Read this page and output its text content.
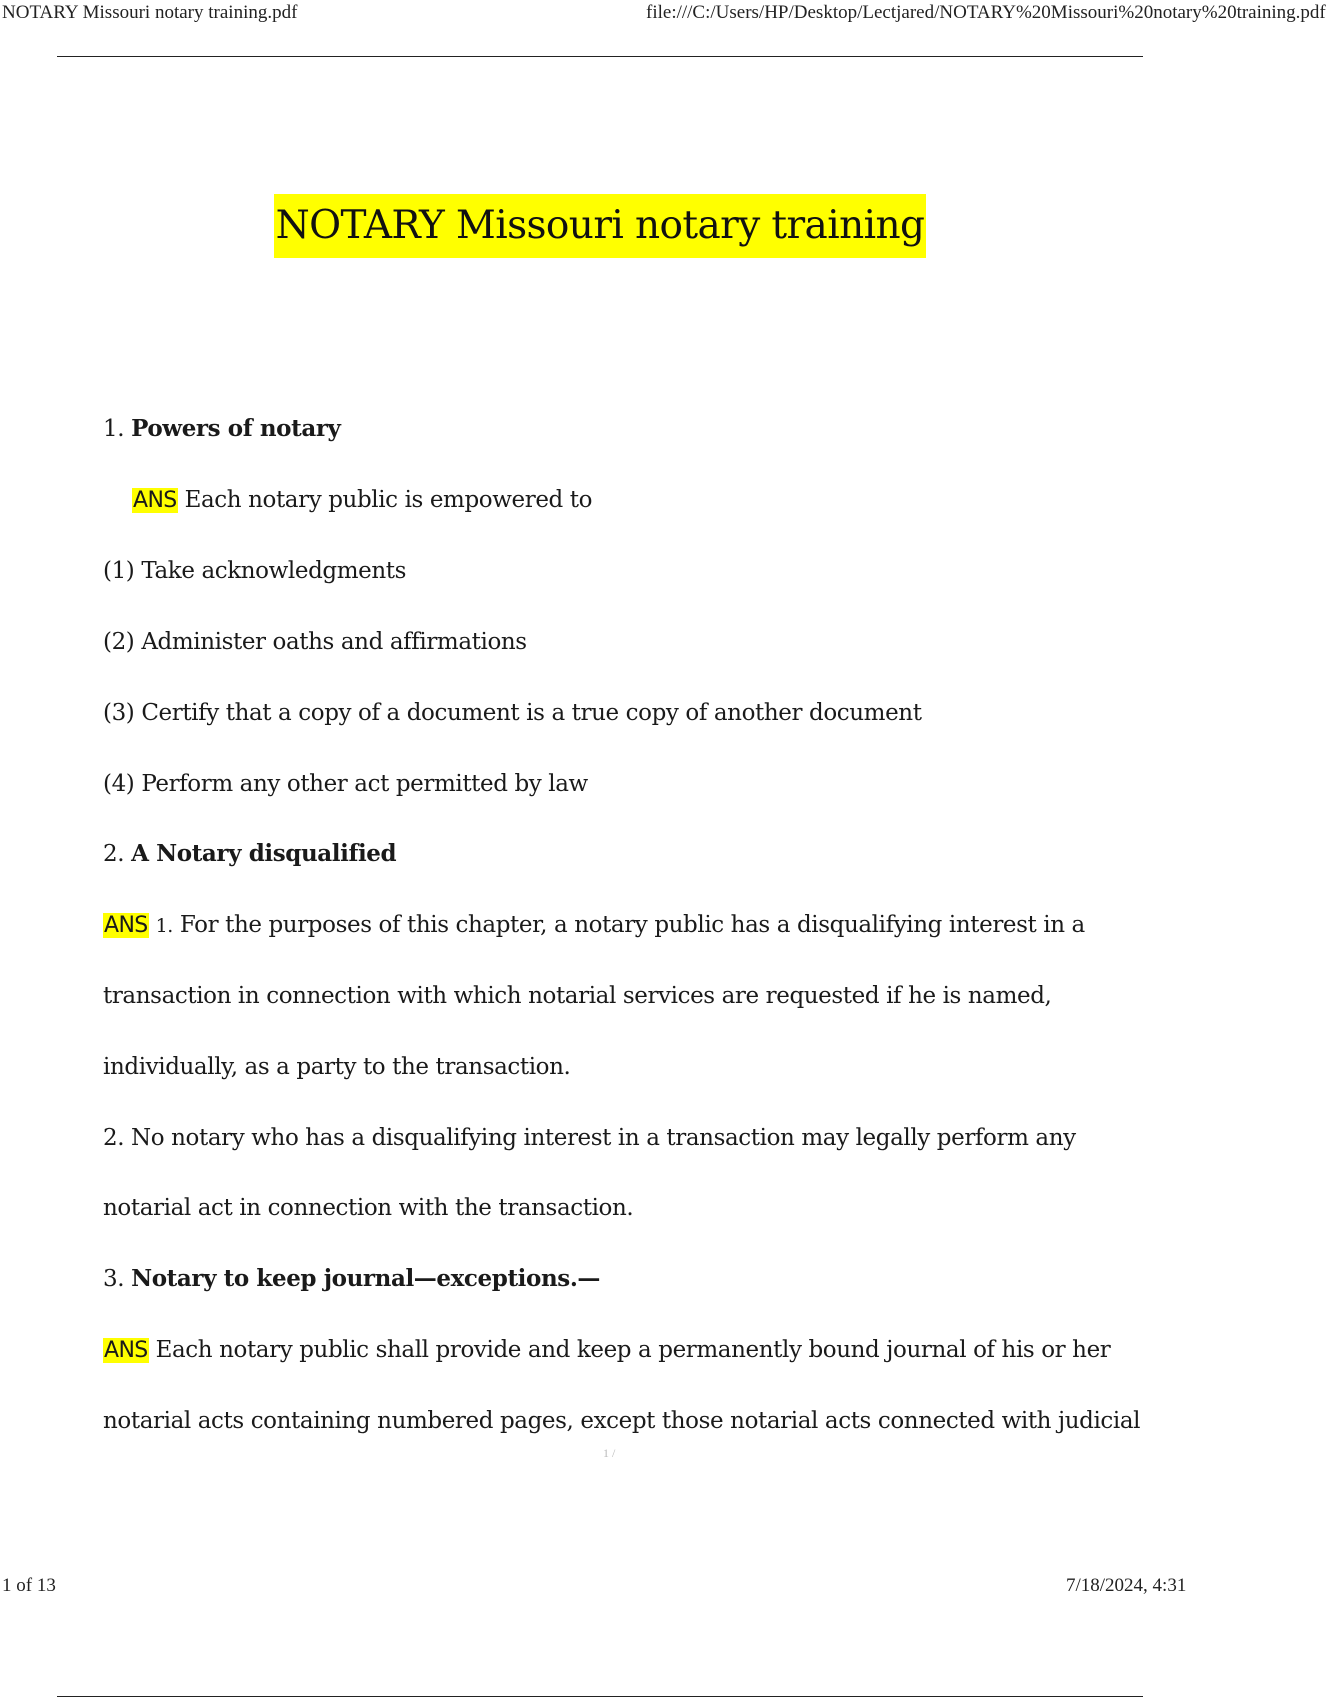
NOTARY Missouri notary training.pdf	file:///C:/Users/HP/Desktop/Lectjared/NOTARY%20Missouri%20notary%20training.pdf
NOTARY Missouri notary training
1. Powers of notary
ANS Each notary public is empowered to
(1) Take acknowledgments
(2) Administer oaths and affirmations
(3) Certify that a copy of a document is a true copy of another document
(4) Perform any other act permitted by law
2. A Notary disqualified
ANS 1. For the purposes of this chapter, a notary public has a disqualifying interest in a
transaction in connection with which notarial services are requested if he is named,
individually, as a party to the transaction.
2. No notary who has a disqualifying interest in a transaction may legally perform any
notarial act in connection with the transaction.
3. Notary to keep journal—exceptions.—
ANS Each notary public shall provide and keep a permanently bound journal of his or her
notarial acts containing numbered pages, except those notarial acts connected with judicial
1 /
1 of 13	7/18/2024, 4:31
